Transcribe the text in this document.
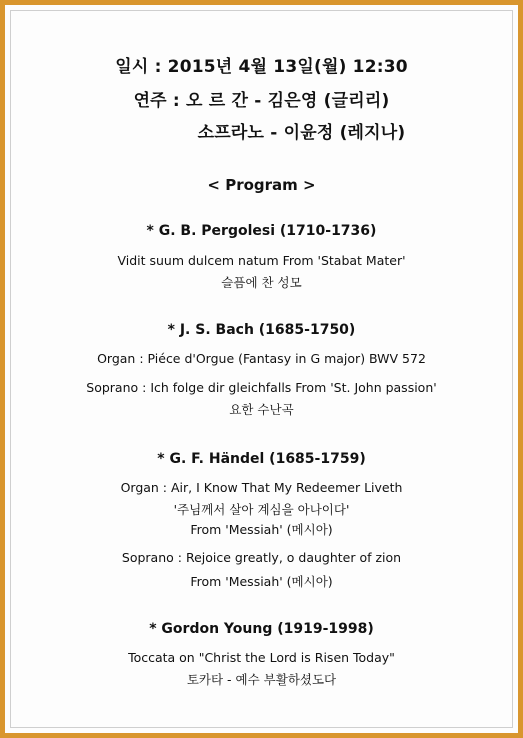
일시 : 2015년 4월 13일(월) 12:30
연주 : 오 르 간 - 김은영 (글리리)
소프라노 - 이윤정 (레지나)
< Program >
* G. B. Pergolesi (1710-1736)
Vidit suum dulcem natum From 'Stabat Mater'
슬픔에 찬 성모
* J. S. Bach (1685-1750)
Organ : Piéce d'Orgue (Fantasy in G major) BWV 572
Soprano : Ich folge dir gleichfalls From 'St. John passion'
요한 수난곡
* G. F. Händel (1685-1759)
Organ : Air, I Know That My Redeemer Liveth
'주님께서 살아 계심을 아나이다'
From 'Messiah' (메시아)
Soprano : Rejoice greatly, o daughter of zion
From 'Messiah' (메시아)
* Gordon Young (1919-1998)
Toccata on "Christ the Lord is Risen Today"
토카타 - 예수 부활하셨도다
